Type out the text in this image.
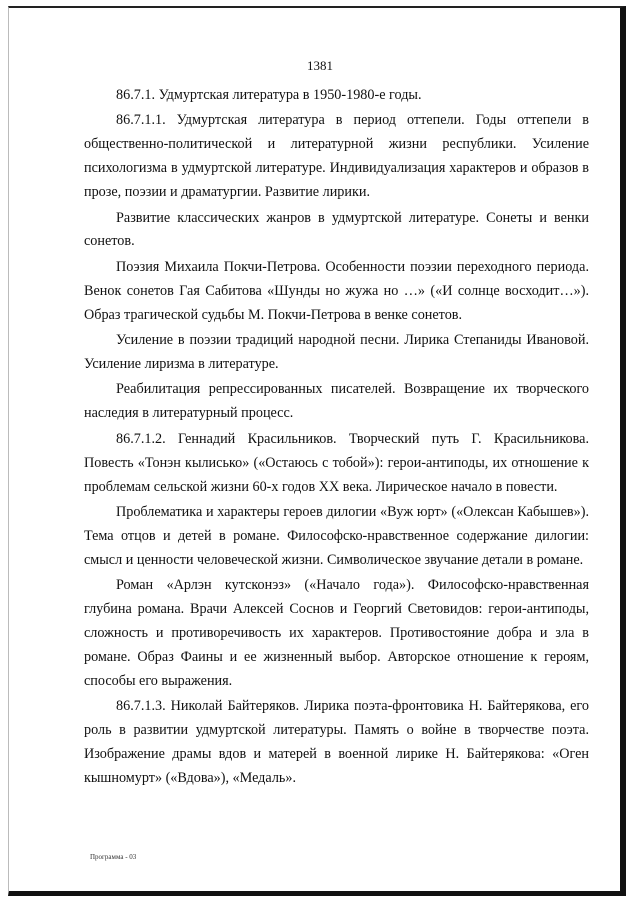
1381

86.7.1. Удмуртская литература в 1950-1980-е годы.

86.7.1.1. Удмуртская литература в период оттепели. Годы оттепели в общественно-политической и литературной жизни республики. Усиление психологизма в удмуртской литературе. Индивидуализация характеров и образов в прозе, поэзии и драматургии. Развитие лирики.

Развитие классических жанров в удмуртской литературе. Сонеты и венки сонетов.

Поэзия Михаила Покчи-Петрова. Особенности поэзии переходного периода. Венок сонетов Гая Сабитова «Шунды но жужа но …» («И солнце восходит…»). Образ трагической судьбы М. Покчи-Петрова в венке сонетов.

Усиление в поэзии традиций народной песни. Лирика Степаниды Ивановой. Усиление лиризма в литературе.

Реабилитация репрессированных писателей. Возвращение их творческого наследия в литературный процесс.

86.7.1.2. Геннадий Красильников. Творческий путь Г. Красильникова. Повесть «Тонэн кылисько» («Остаюсь с тобой»): герои-антиподы, их отношение к проблемам сельской жизни 60-х годов XX века. Лирическое начало в повести.

Проблематика и характеры героев дилогии «Вуж юрт» («Олексан Кабышев»). Тема отцов и детей в романе. Философско-нравственное содержание дилогии: смысл и ценности человеческой жизни. Символическое звучание детали в романе.

Роман «Арлэн кутсконэз» («Начало года»). Философско-нравственная глубина романа. Врачи Алексей Соснов и Георгий Световидов: герои-антиподы, сложность и противоречивость их характеров. Противостояние добра и зла в романе. Образ Фаины и ее жизненный выбор. Авторское отношение к героям, способы его выражения.

86.7.1.3. Николай Байтеряков. Лирика поэта-фронтовика Н. Байтерякова, его роль в развитии удмуртской литературы. Память о войне в творчестве поэта. Изображение драмы вдов и матерей в военной лирике Н. Байтерякова: «Оген кышномурт» («Вдова»), «Медаль».

Программа - 03
